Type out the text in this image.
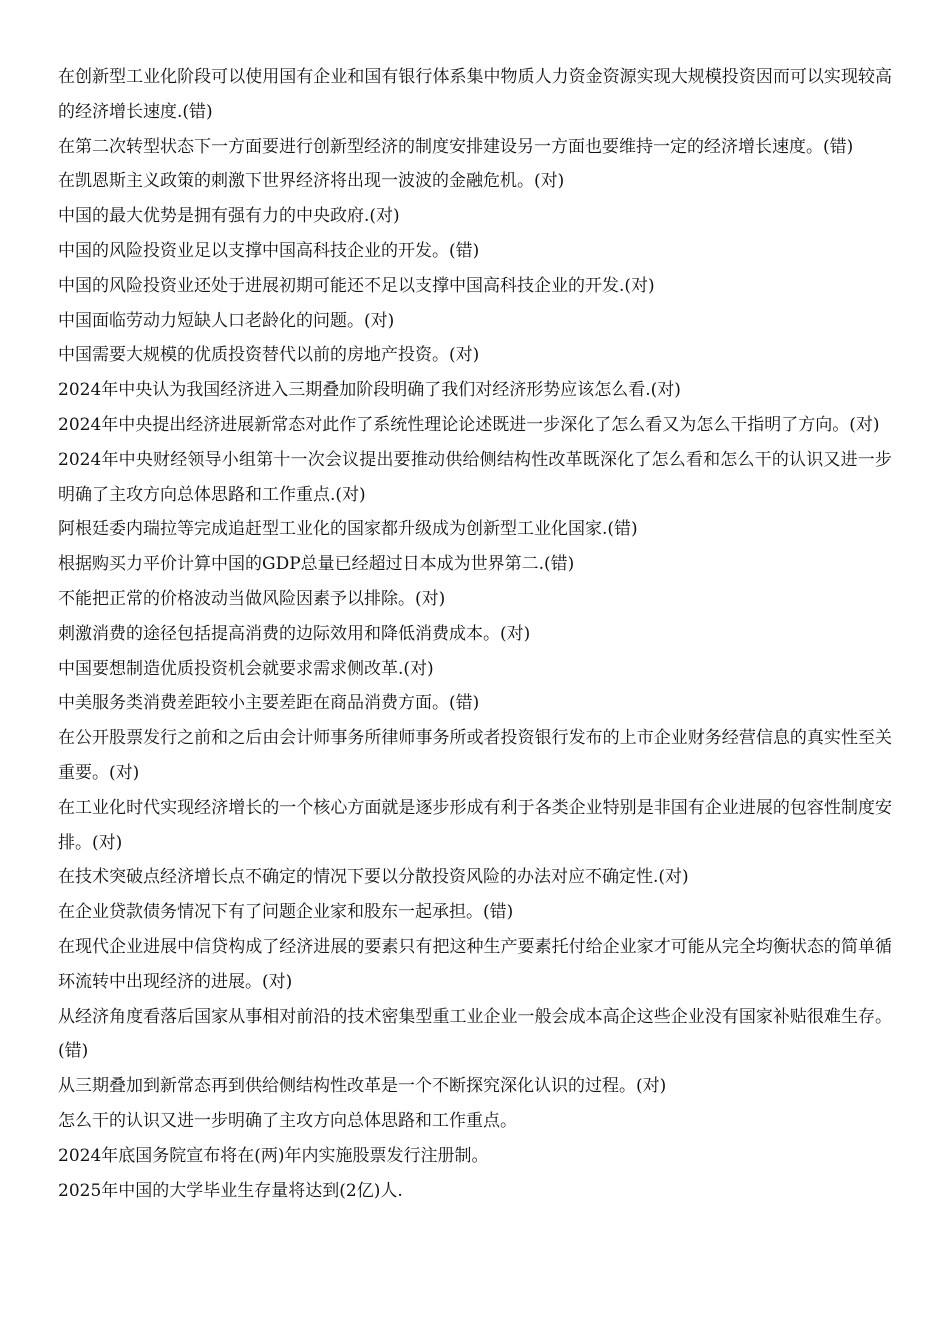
在创新型工业化阶段可以使用国有企业和国有银行体系集中物质人力资金资源实现大规模投资因而可以实现较高的经济增长速度.(错)

在第二次转型状态下一方面要进行创新型经济的制度安排建设另一方面也要维持一定的经济增长速度。(错)

在凯恩斯主义政策的刺激下世界经济将出现一波波的金融危机。(对)

中国的最大优势是拥有强有力的中央政府.(对)

中国的风险投资业足以支撑中国高科技企业的开发。(错)

中国的风险投资业还处于进展初期可能还不足以支撑中国高科技企业的开发.(对)

中国面临劳动力短缺人口老龄化的问题。(对)

中国需要大规模的优质投资替代以前的房地产投资。(对)

2024年中央认为我国经济进入三期叠加阶段明确了我们对经济形势应该怎么看.(对)

2024年中央提出经济进展新常态对此作了系统性理论论述既进一步深化了怎么看又为怎么干指明了方向。(对)

2024年中央财经领导小组第十一次会议提出要推动供给侧结构性改革既深化了怎么看和怎么干的认识又进一步明确了主攻方向总体思路和工作重点.(对)

阿根廷委内瑞拉等完成追赶型工业化的国家都升级成为创新型工业化国家.(错)

根据购买力平价计算中国的GDP总量已经超过日本成为世界第二.(错)

不能把正常的价格波动当做风险因素予以排除。(对)

刺激消费的途径包括提高消费的边际效用和降低消费成本。(对)

中国要想制造优质投资机会就要求需求侧改革.(对)

中美服务类消费差距较小主要差距在商品消费方面。(错)

在公开股票发行之前和之后由会计师事务所律师事务所或者投资银行发布的上市企业财务经营信息的真实性至关重要。(对)

在工业化时代实现经济增长的一个核心方面就是逐步形成有利于各类企业特别是非国有企业进展的包容性制度安排。(对)

在技术突破点经济增长点不确定的情况下要以分散投资风险的办法对应不确定性.(对)

在企业贷款债务情况下有了问题企业家和股东一起承担。(错)

在现代企业进展中信贷构成了经济进展的要素只有把这种生产要素托付给企业家才可能从完全均衡状态的简单循环流转中出现经济的进展。(对)

从经济角度看落后国家从事相对前沿的技术密集型重工业企业一般会成本高企这些企业没有国家补贴很难生存。(错)

从三期叠加到新常态再到供给侧结构性改革是一个不断探究深化认识的过程。(对)

怎么干的认识又进一步明确了主攻方向总体思路和工作重点。

2024年底国务院宣布将在(两)年内实施股票发行注册制。

2025年中国的大学毕业生存量将达到(2亿)人.
